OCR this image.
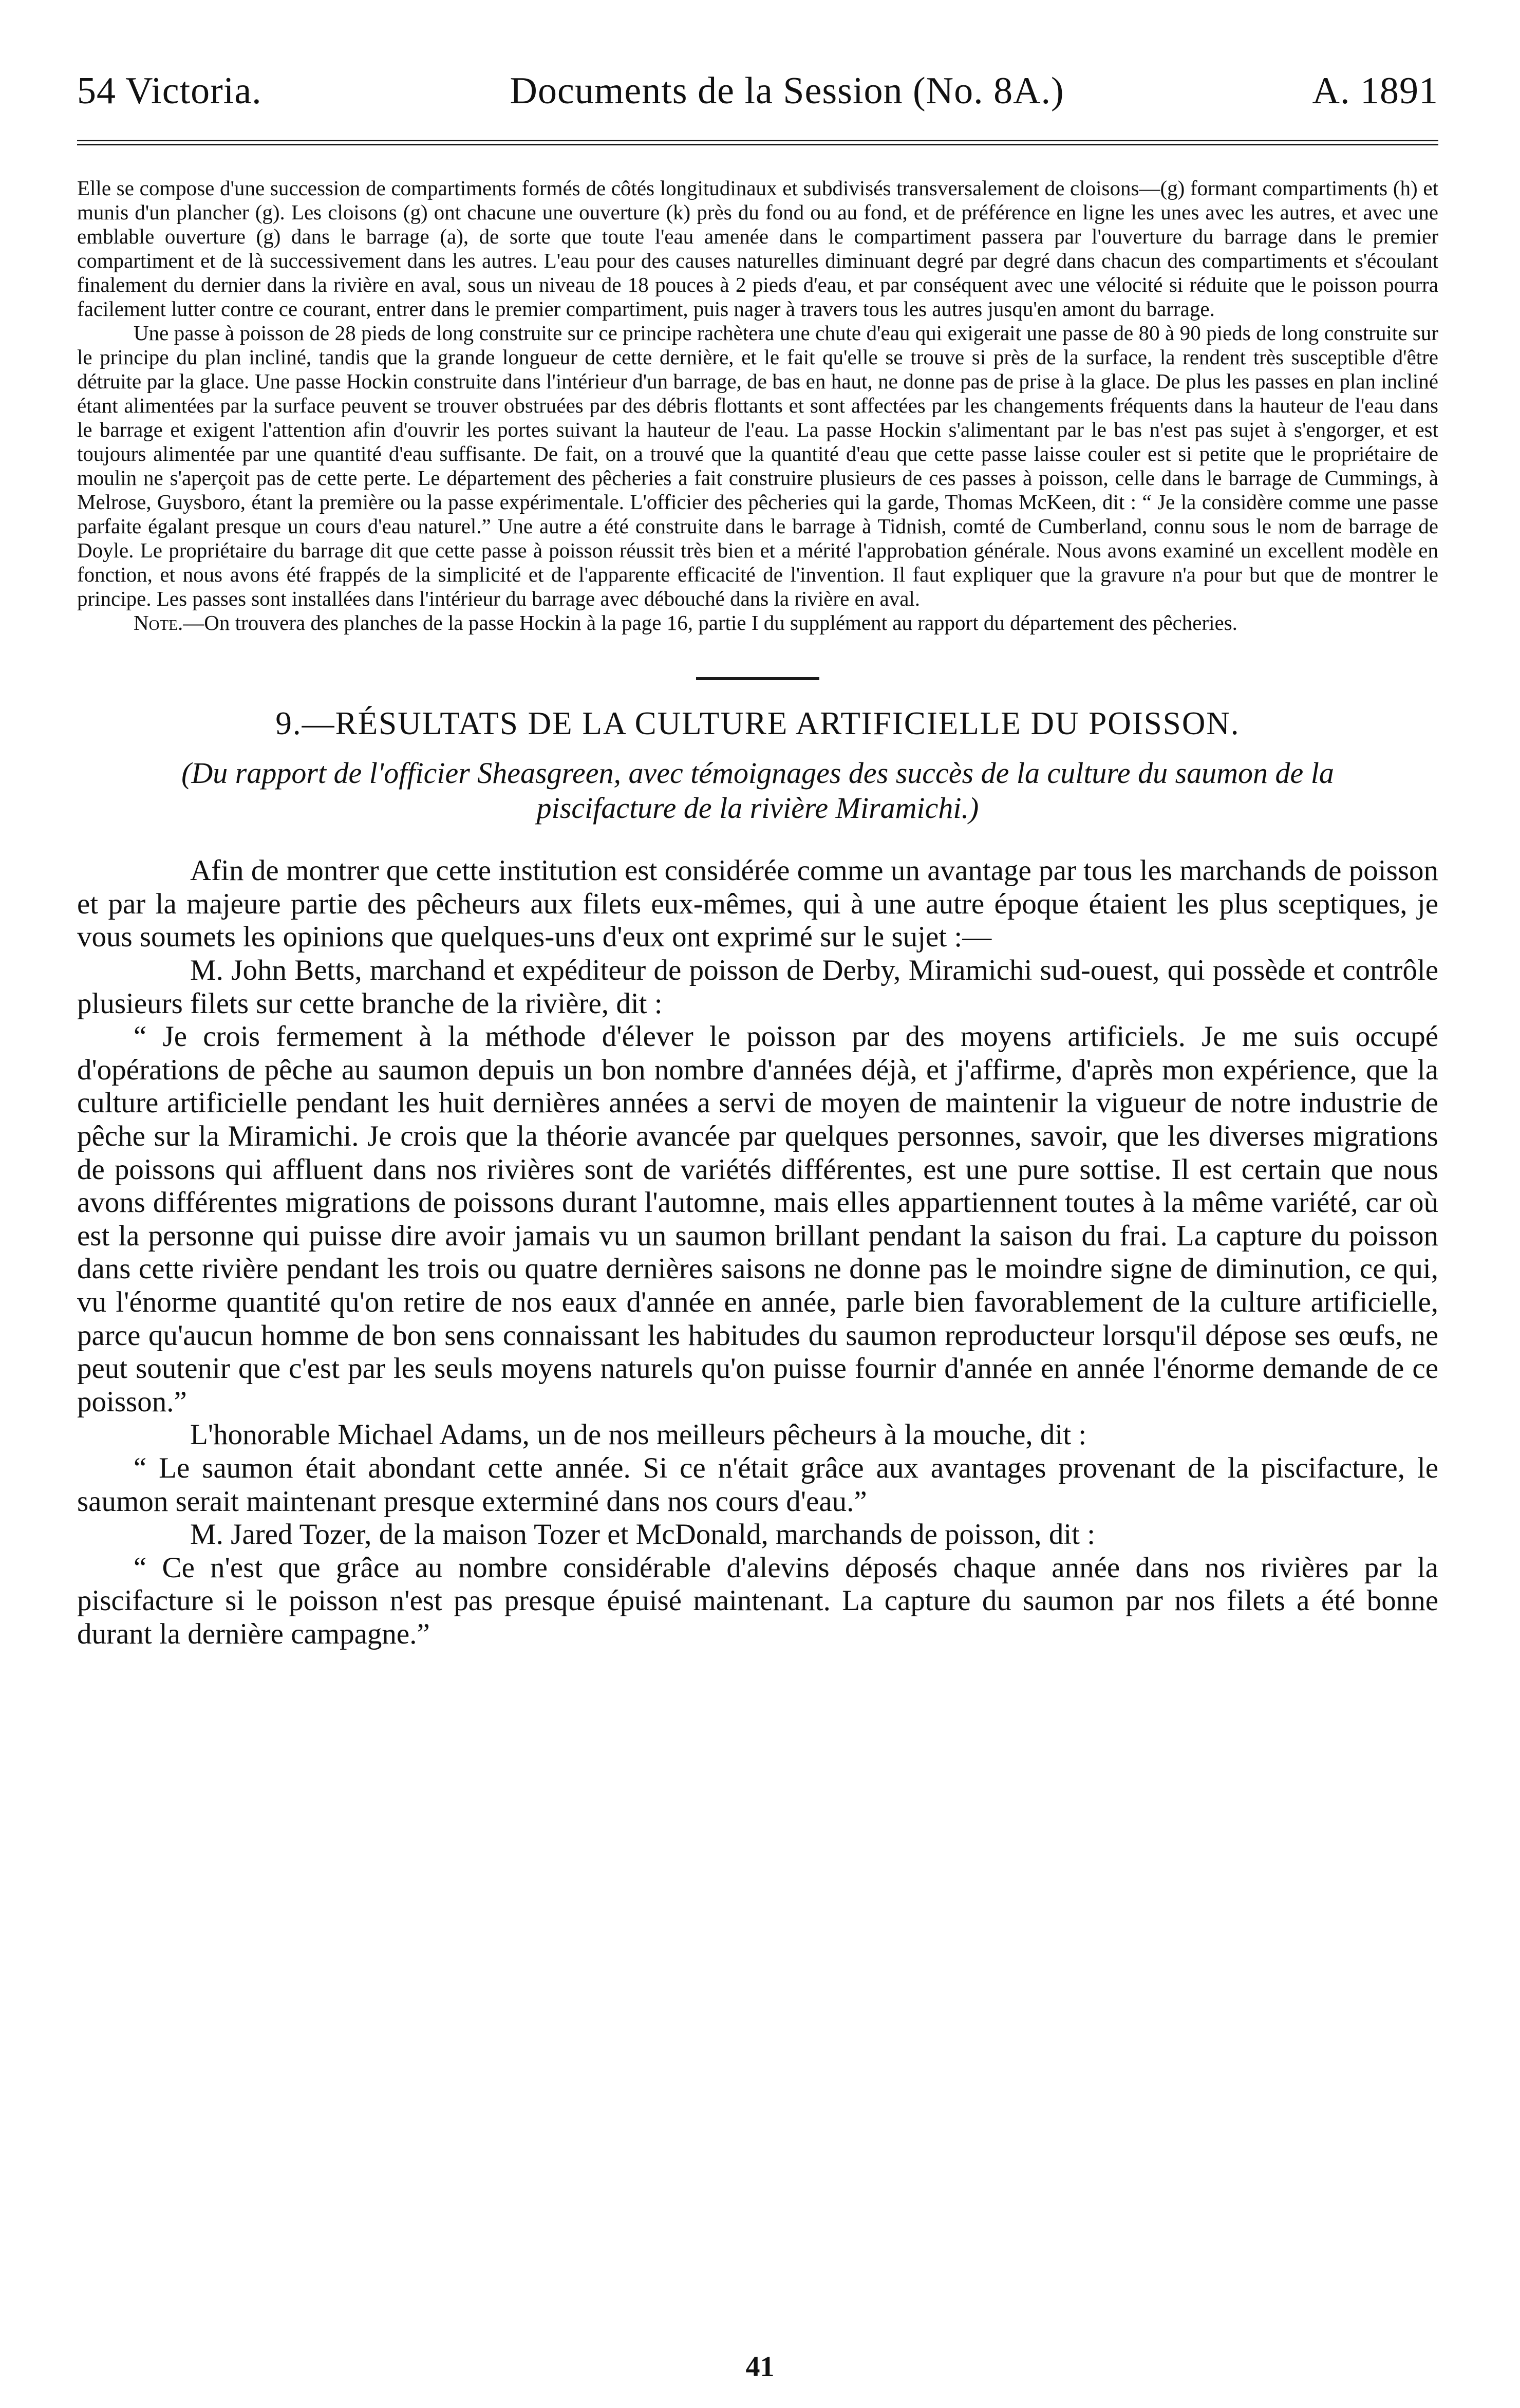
54 Victoria.	Documents de la Session (No. 8A.)	A. 1891

Elle se compose d'une succession de compartiments formés de côtés longitudinaux et subdivisés transversalement de cloisons—(g) formant compartiments (h) et munis d'un plancher (g). Les cloisons (g) ont chacune une ouverture (k) près du fond ou au fond, et de préférence en ligne les unes avec les autres, et avec une emblable ouverture (g) dans le barrage (a), de sorte que toute l'eau amenée dans le compartiment passera par l'ouverture du barrage dans le premier compartiment et de là successivement dans les autres. L'eau pour des causes naturelles diminuant degré par degré dans chacun des compartiments et s'écoulant finalement du dernier dans la rivière en aval, sous un niveau de 18 pouces à 2 pieds d'eau, et par conséquent avec une vélocité si réduite que le poisson pourra facilement lutter contre ce courant, entrer dans le premier compartiment, puis nager à travers tous les autres jusqu'en amont du barrage.

Une passe à poisson de 28 pieds de long construite sur ce principe rachètera une chute d'eau qui exigerait une passe de 80 à 90 pieds de long construite sur le principe du plan incliné, tandis que la grande longueur de cette dernière, et le fait qu'elle se trouve si près de la surface, la rendent très susceptible d'être détruite par la glace. Une passe Hockin construite dans l'intérieur d'un barrage, de bas en haut, ne donne pas de prise à la glace. De plus les passes en plan incliné étant alimentées par la surface peuvent se trouver obstruées par des débris flottants et sont affectées par les changements fréquents dans la hauteur de l'eau dans le barrage et exigent l'attention afin d'ouvrir les portes suivant la hauteur de l'eau. La passe Hockin s'alimentant par le bas n'est pas sujet à s'engorger, et est toujours alimentée par une quantité d'eau suffisante. De fait, on a trouvé que la quantité d'eau que cette passe laisse couler est si petite que le propriétaire de moulin ne s'aperçoit pas de cette perte. Le département des pêcheries a fait construire plusieurs de ces passes à poisson, celle dans le barrage de Cummings, à Melrose, Guysboro, étant la première ou la passe expérimentale. L'officier des pêcheries qui la garde, Thomas McKeen, dit : “ Je la considère comme une passe parfaite égalant presque un cours d'eau naturel.” Une autre a été construite dans le barrage à Tidnish, comté de Cumberland, connu sous le nom de barrage de Doyle. Le propriétaire du barrage dit que cette passe à poisson réussit très bien et a mérité l'approbation générale. Nous avons examiné un excellent modèle en fonction, et nous avons été frappés de la simplicité et de l'apparente efficacité de l'invention. Il faut expliquer que la gravure n'a pour but que de montrer le principe. Les passes sont installées dans l'intérieur du barrage avec débouché dans la rivière en aval.

Note.—On trouvera des planches de la passe Hockin à la page 16, partie I du supplément au rapport du département des pêcheries.

9.—RÉSULTATS DE LA CULTURE ARTIFICIELLE DU POISSON.
(Du rapport de l'officier Sheasgreen, avec témoignages des succès de la culture du saumon de la piscifacture de la rivière Miramichi.)

Afin de montrer que cette institution est considérée comme un avantage par tous les marchands de poisson et par la majeure partie des pêcheurs aux filets eux-mêmes, qui à une autre époque étaient les plus sceptiques, je vous soumets les opinions que quelques-uns d'eux ont exprimé sur le sujet :—

M. John Betts, marchand et expéditeur de poisson de Derby, Miramichi sud-ouest, qui possède et contrôle plusieurs filets sur cette branche de la rivière, dit :

“ Je crois fermement à la méthode d'élever le poisson par des moyens artificiels. Je me suis occupé d'opérations de pêche au saumon depuis un bon nombre d'années déjà, et j'affirme, d'après mon expérience, que la culture artificielle pendant les huit dernières années a servi de moyen de maintenir la vigueur de notre industrie de pêche sur la Miramichi. Je crois que la théorie avancée par quelques personnes, savoir, que les diverses migrations de poissons qui affluent dans nos rivières sont de variétés différentes, est une pure sottise. Il est certain que nous avons différentes migrations de poissons durant l'automne, mais elles appartiennent toutes à la même variété, car où est la personne qui puisse dire avoir jamais vu un saumon brillant pendant la saison du frai. La capture du poisson dans cette rivière pendant les trois ou quatre dernières saisons ne donne pas le moindre signe de diminution, ce qui, vu l'énorme quantité qu'on retire de nos eaux d'année en année, parle bien favorablement de la culture artificielle, parce qu'aucun homme de bon sens connaissant les habitudes du saumon reproducteur lorsqu'il dépose ses œufs, ne peut soutenir que c'est par les seuls moyens naturels qu'on puisse fournir d'année en année l'énorme demande de ce poisson.”

L'honorable Michael Adams, un de nos meilleurs pêcheurs à la mouche, dit :

“ Le saumon était abondant cette année. Si ce n'était grâce aux avantages provenant de la piscifacture, le saumon serait maintenant presque exterminé dans nos cours d'eau.”

M. Jared Tozer, de la maison Tozer et McDonald, marchands de poisson, dit :

“ Ce n'est que grâce au nombre considérable d'alevins déposés chaque année dans nos rivières par la piscifacture si le poisson n'est pas presque épuisé maintenant. La capture du saumon par nos filets a été bonne durant la dernière campagne.”

41
